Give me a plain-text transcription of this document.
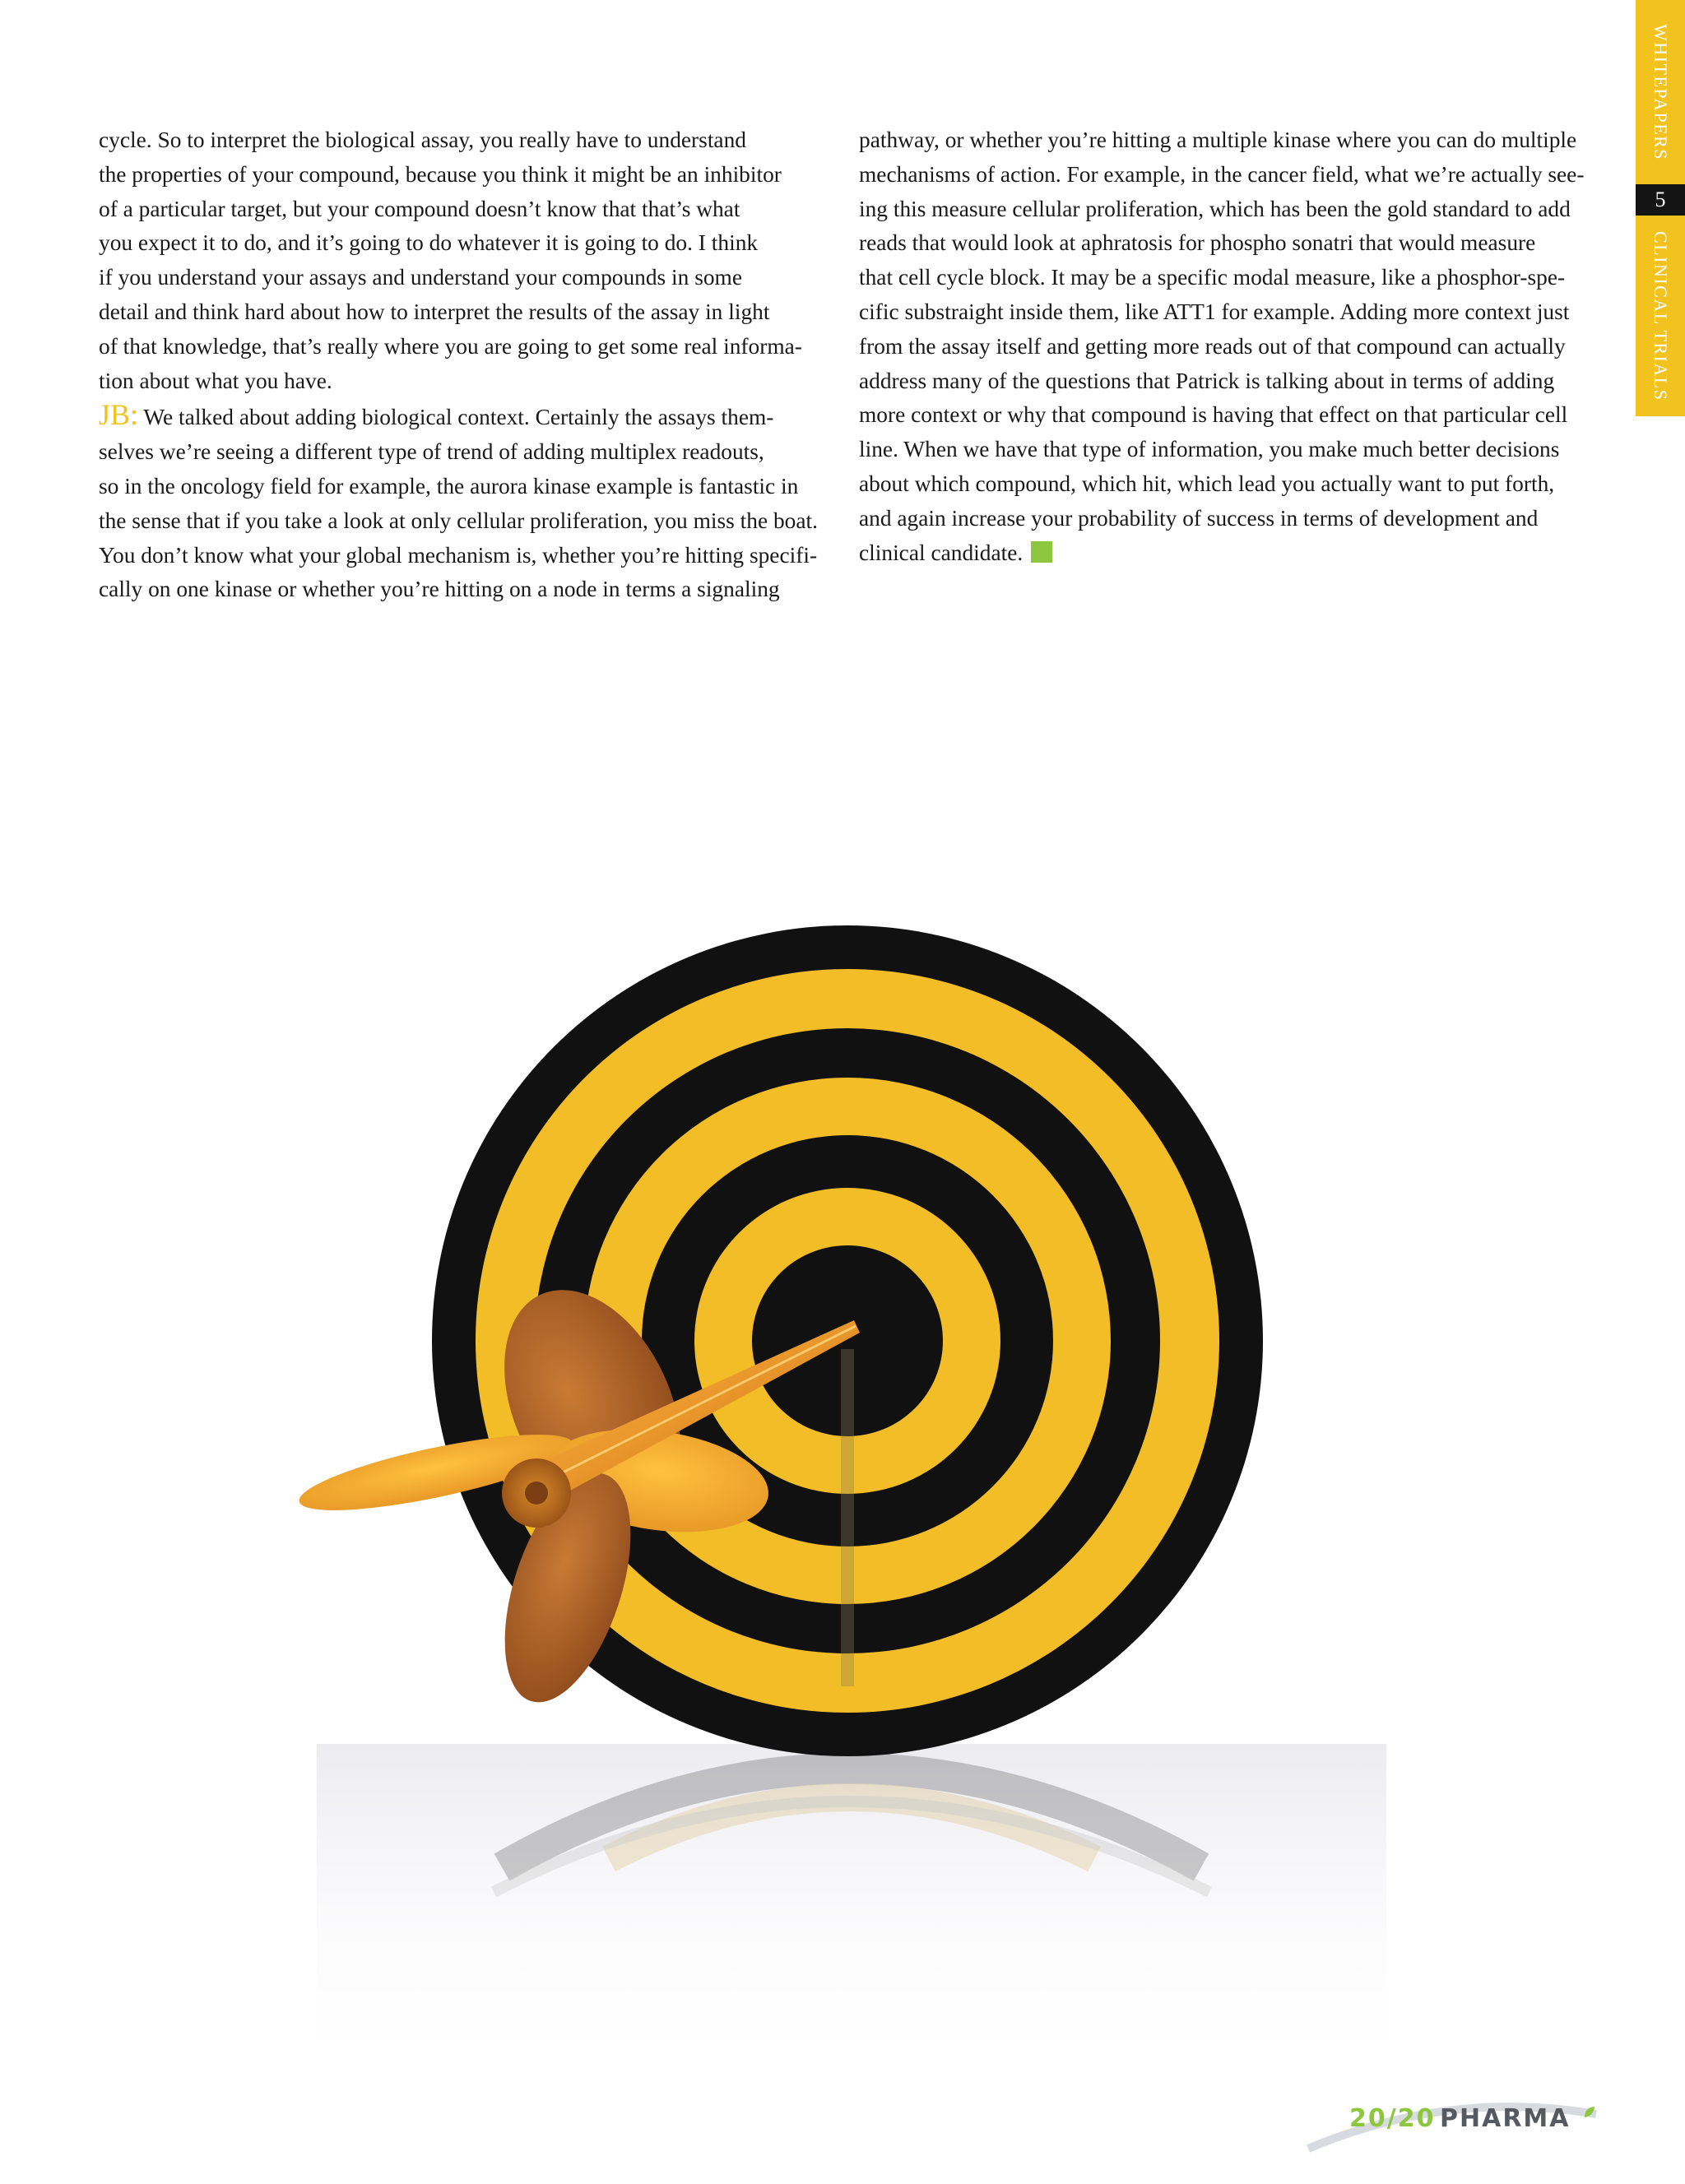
WHITEPAPERS
5
CLINICAL TRIALS
cycle. So to interpret the biological assay, you really have to understand
the properties of your compound, because you think it might be an inhibitor
of a particular target, but your compound doesn’t know that that’s what
you expect it to do, and it’s going to do whatever it is going to do. I think
if you understand your assays and understand your compounds in some
detail and think hard about how to interpret the results of the assay in light
of that knowledge, that’s really where you are going to get some real informa-
tion about what you have.
JB: We talked about adding biological context. Certainly the assays them-
selves we’re seeing a different type of trend of adding multiplex readouts,
so in the oncology field for example, the aurora kinase example is fantastic in
the sense that if you take a look at only cellular proliferation, you miss the boat.
You don’t know what your global mechanism is, whether you’re hitting specifi-
cally on one kinase or whether you’re hitting on a node in terms a signaling
pathway, or whether you’re hitting a multiple kinase where you can do multiple
mechanisms of action. For example, in the cancer field, what we’re actually see-
ing this measure cellular proliferation, which has been the gold standard to add
reads that would look at aphratosis for phospho sonatri that would measure
that cell cycle block. It may be a specific modal measure, like a phosphor-spe-
cific substraight inside them, like ATT1 for example. Adding more context just
from the assay itself and getting more reads out of that compound can actually
address many of the questions that Patrick is talking about in terms of adding
more context or why that compound is having that effect on that particular cell
line. When we have that type of information, you make much better decisions
about which compound, which hit, which lead you actually want to put forth,
and again increase your probability of success in terms of development and
clinical candidate.
20/20 PHARMA
